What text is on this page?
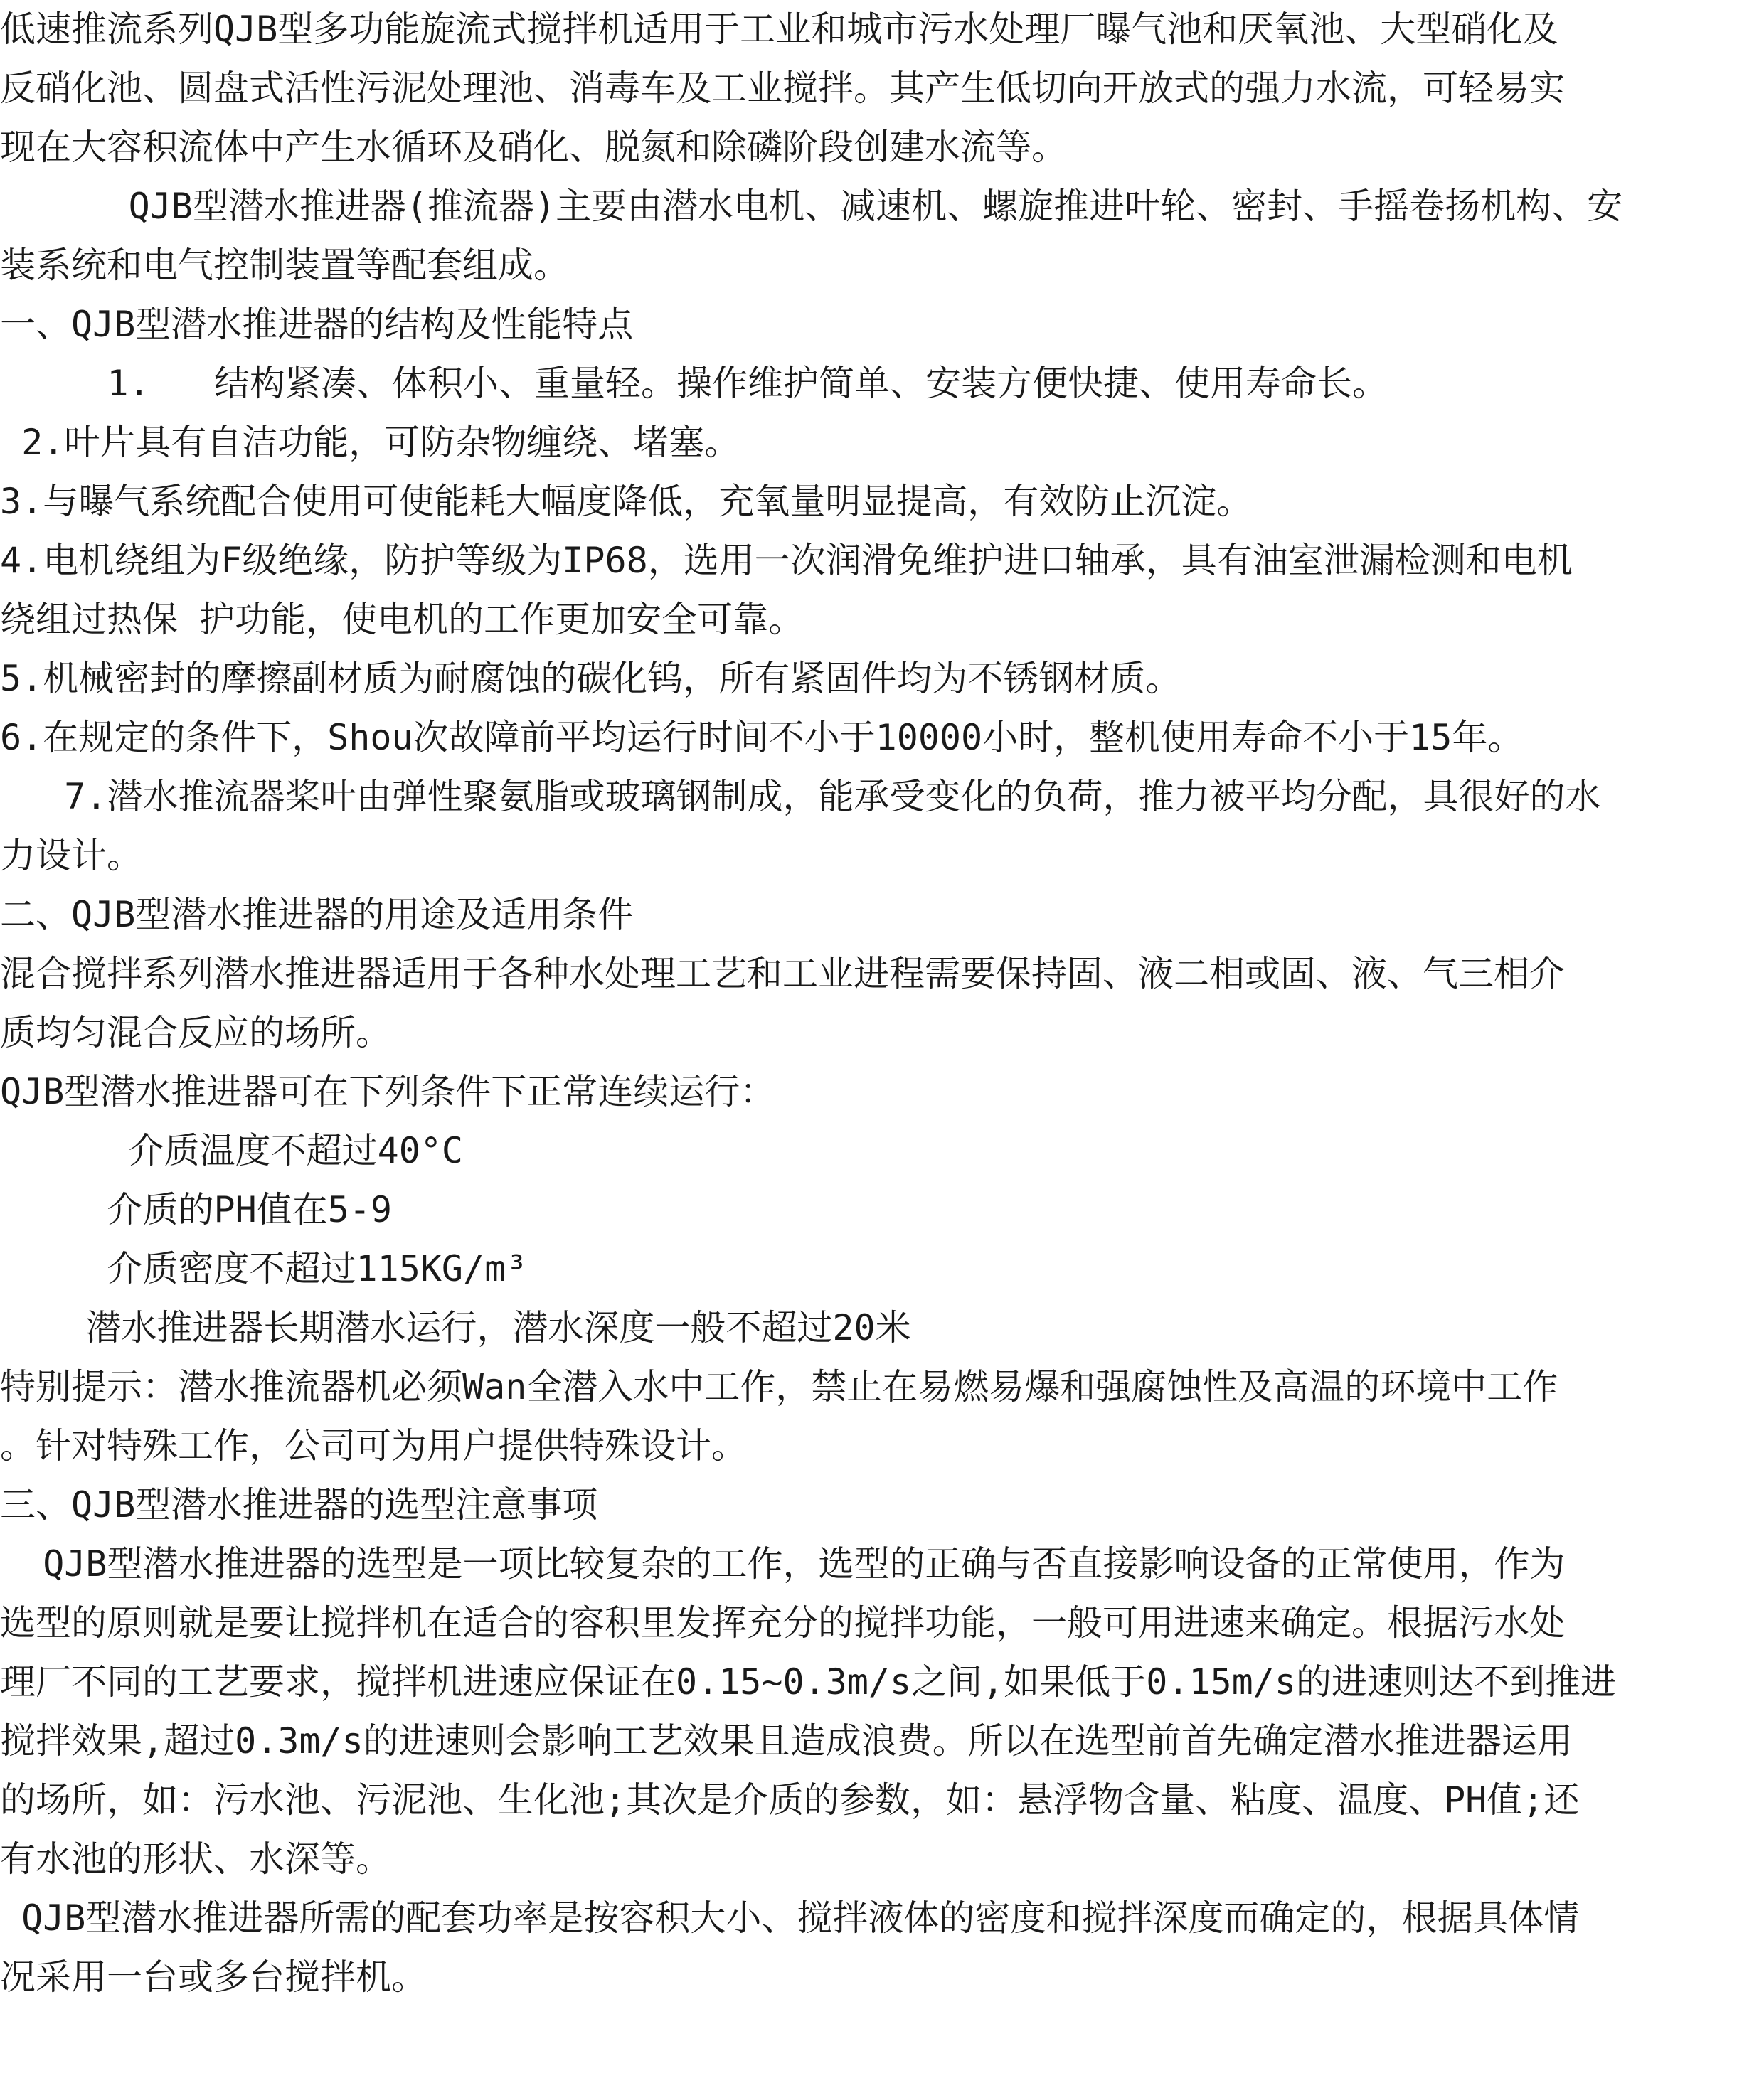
低速推流系列QJB型多功能旋流式搅拌机适用于工业和城市污水处理厂曝气池和厌氧池、大型硝化及
反硝化池、圆盘式活性污泥处理池、消毒车及工业搅拌。其产生低切向开放式的强力水流，可轻易实
现在大容积流体中产生水循环及硝化、脱氮和除磷阶段创建水流等。
QJB型潜水推进器(推流器)主要由潜水电机、减速机、螺旋推进叶轮、密封、手摇卷扬机构、安
装系统和电气控制装置等配套组成。
一、QJB型潜水推进器的结构及性能特点
1.   结构紧凑、体积小、重量轻。操作维护简单、安装方便快捷、使用寿命长。
2.叶片具有自洁功能，可防杂物缠绕、堵塞。
3.与曝气系统配合使用可使能耗大幅度降低，充氧量明显提高，有效防止沉淀。
4.电机绕组为F级绝缘，防护等级为IP68，选用一次润滑免维护进口轴承，具有油室泄漏检测和电机
绕组过热保 护功能，使电机的工作更加安全可靠。
5.机械密封的摩擦副材质为耐腐蚀的碳化钨，所有紧固件均为不锈钢材质。
6.在规定的条件下，Shou次故障前平均运行时间不小于10000小时，整机使用寿命不小于15年。
7.潜水推流器桨叶由弹性聚氨脂或玻璃钢制成，能承受变化的负荷，推力被平均分配，具很好的水
力设计。
二、QJB型潜水推进器的用途及适用条件
混合搅拌系列潜水推进器适用于各种水处理工艺和工业进程需要保持固、液二相或固、液、气三相介
质均匀混合反应的场所。
QJB型潜水推进器可在下列条件下正常连续运行：
介质温度不超过40°C
介质的PH值在5-9
介质密度不超过115KG/m³
潜水推进器长期潜水运行，潜水深度一般不超过20米
特别提示：潜水推流器机必须Wan全潜入水中工作，禁止在易燃易爆和强腐蚀性及高温的环境中工作
。针对特殊工作，公司可为用户提供特殊设计。
三、QJB型潜水推进器的选型注意事项
QJB型潜水推进器的选型是一项比较复杂的工作，选型的正确与否直接影响设备的正常使用，作为
选型的原则就是要让搅拌机在适合的容积里发挥充分的搅拌功能，一般可用进速来确定。根据污水处
理厂不同的工艺要求，搅拌机进速应保证在0.15~0.3m/s之间,如果低于0.15m/s的进速则达不到推进
搅拌效果,超过0.3m/s的进速则会影响工艺效果且造成浪费。所以在选型前首先确定潜水推进器运用
的场所，如：污水池、污泥池、生化池;其次是介质的参数，如：悬浮物含量、粘度、温度、PH值;还
有水池的形状、水深等。
QJB型潜水推进器所需的配套功率是按容积大小、搅拌液体的密度和搅拌深度而确定的，根据具体情
况采用一台或多台搅拌机。
